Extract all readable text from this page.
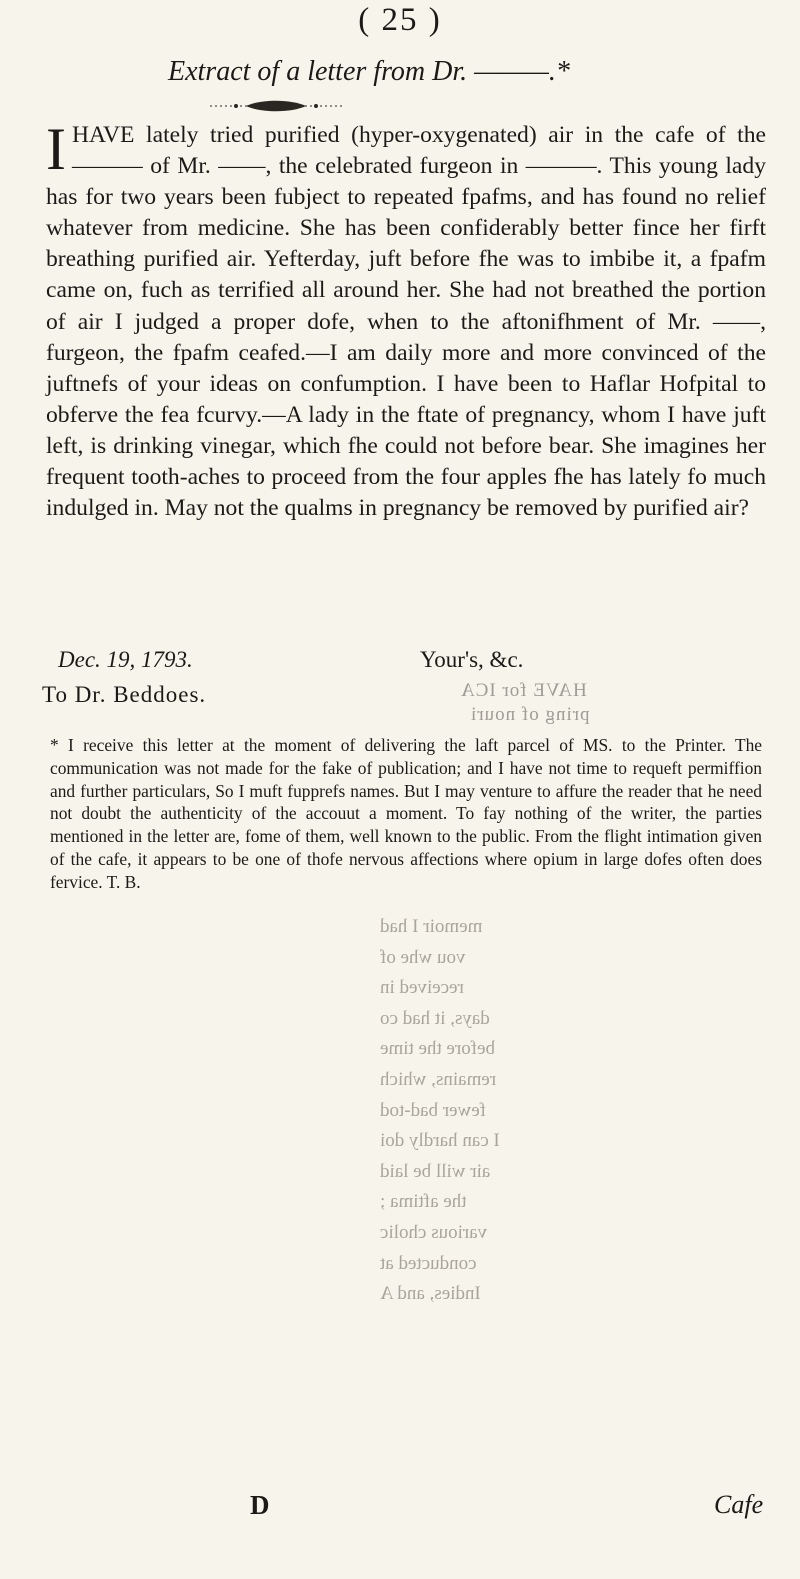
( 25 )
Extract of a letter from Dr. ———.*

I HAVE lately tried purified (hyper-oxygenated) air in the cafe of the ——— of Mr. ——, the celebrated furgeon in ———. This young lady has for two years been fubject to repeated fpafms, and has found no relief whatever from medicine. She has been confiderably better fince her firft breathing purified air. Yefterday, juft before fhe was to imbibe it, a fpafm came on, fuch as terrified all around her. She had not breathed the portion of air I judged a proper dofe, when to the aftonifhment of Mr. ——, furgeon, the fpafm ceafed.—I am daily more and more convinced of the juftnefs of your ideas on confumption. I have been to Haflar Hofpital to obferve the fea fcurvy.—A lady in the ftate of pregnancy, whom I have juft left, is drinking vinegar, which fhe could not before bear. She imagines her frequent tooth-aches to proceed from the four apples fhe has lately fo much indulged in. May not the qualms in pregnancy be removed by purified air?

Dec. 19, 1793.	Your's, &c.
HAVE for ICA
pring of nouri
To Dr. Beddoes.

* I receive this letter at the moment of delivering the laft parcel of MS. to the Printer. The communication was not made for the fake of publication; and I have not time to requeft permiffion and further particulars, So I muft fupprefs names. But I may venture to affure the reader that he need not doubt the authenticity of the accouut a moment. To fay nothing of the writer, the parties mentioned in the letter are, fome of them, well known to the public. From the flight intimation given of the cafe, it appears to be one of thofe nervous affections where opium in large dofes often does fervice. T. B.

memoir I had
vou whe of
received in
days, it had co
before the time
remains, which
fewer bad-tod
I can hardly doi
air will be laid
the aftima ;
various cholic
conducted at
Indies, and A
D	Cafe
